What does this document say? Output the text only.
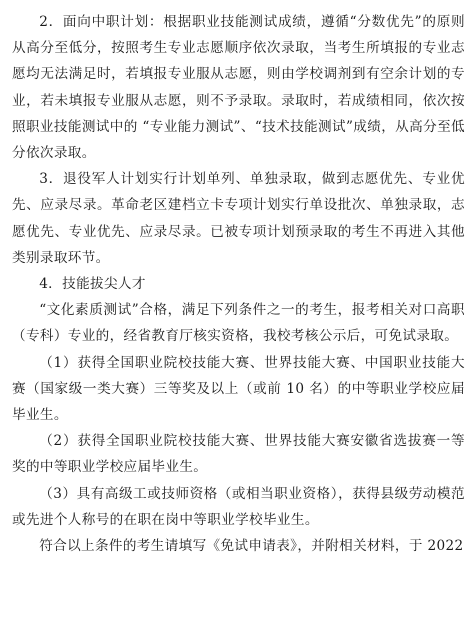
2．面向中职计划：根据职业技能测试成绩，遵循“分数优先”的原则从高分至低分，按照考生专业志愿顺序依次录取，当考生所填报的专业志愿均无法满足时，若填报专业服从志愿，则由学校调剂到有空余计划的专业，若未填报专业服从志愿，则不予录取。录取时，若成绩相同，依次按照职业技能测试中的 “专业能力测试”、“技术技能测试”成绩，从高分至低分依次录取。

3．退役军人计划实行计划单列、单独录取，做到志愿优先、专业优先、应录尽录。革命老区建档立卡专项计划实行单设批次、单独录取，志愿优先、专业优先、应录尽录。已被专项计划预录取的考生不再进入其他类别录取环节。

4．技能拔尖人才

“文化素质测试”合格，满足下列条件之一的考生，报考相关对口高职（专科）专业的，经省教育厅核实资格，我校考核公示后，可免试录取。

（1）获得全国职业院校技能大赛、世界技能大赛、中国职业技能大赛（国家级一类大赛）三等奖及以上（或前 10 名）的中等职业学校应届毕业生。

（2）获得全国职业院校技能大赛、世界技能大赛安徽省选拔赛一等奖的中等职业学校应届毕业生。

（3）具有高级工或技师资格（或相当职业资格），获得县级劳动模范或先进个人称号的在职在岗中等职业学校毕业生。

符合以上条件的考生请填写《免试申请表》，并附相关材料，于 2022
